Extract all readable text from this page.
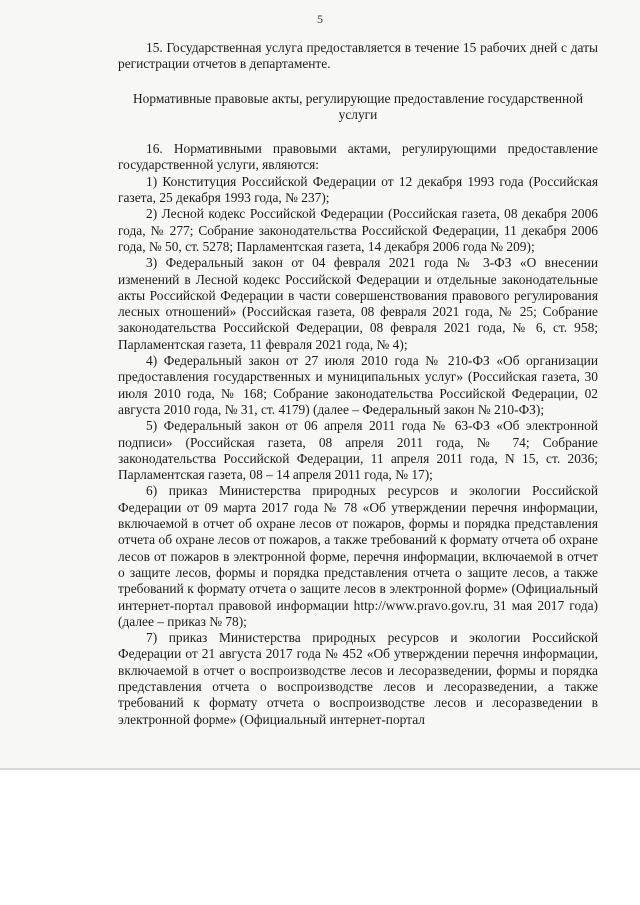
5

15. Государственная услуга предоставляется в течение 15 рабочих дней с даты регистрации отчетов в департаменте.

Нормативные правовые акты, регулирующие предоставление государственной услуги

16. Нормативными правовыми актами, регулирующими предоставление государственной услуги, являются:

1) Конституция Российской Федерации от 12 декабря 1993 года (Российская газета, 25 декабря 1993 года, № 237);

2) Лесной кодекс Российской Федерации (Российская газета, 08 декабря 2006 года, № 277; Собрание законодательства Российской Федерации, 11 декабря 2006 года, № 50, ст. 5278; Парламентская газета, 14 декабря 2006 года № 209);

3) Федеральный закон от 04 февраля 2021 года № 3-ФЗ «О внесении изменений в Лесной кодекс Российской Федерации и отдельные законодательные акты Российской Федерации в части совершенствования правового регулирования лесных отношений» (Российская газета, 08 февраля 2021 года, № 25; Собрание законодательства Российской Федерации, 08 февраля 2021 года, № 6, ст. 958; Парламентская газета, 11 февраля 2021 года, № 4);

4) Федеральный закон от 27 июля 2010 года № 210-ФЗ «Об организации предоставления государственных и муниципальных услуг» (Российская газета, 30 июля 2010 года, № 168; Собрание законодательства Российской Федерации, 02 августа 2010 года, № 31, ст. 4179) (далее – Федеральный закон № 210-ФЗ);

5) Федеральный закон от 06 апреля 2011 года № 63-ФЗ «Об электронной подписи» (Российская газета, 08 апреля 2011 года, № 74; Собрание законодательства Российской Федерации, 11 апреля 2011 года, N 15, ст. 2036; Парламентская газета, 08 – 14 апреля 2011 года, № 17);

6) приказ Министерства природных ресурсов и экологии Российской Федерации от 09 марта 2017 года № 78 «Об утверждении перечня информации, включаемой в отчет об охране лесов от пожаров, формы и порядка представления отчета об охране лесов от пожаров, а также требований к формату отчета об охране лесов от пожаров в электронной форме, перечня информации, включаемой в отчет о защите лесов, формы и порядка представления отчета о защите лесов, а также требований к формату отчета о защите лесов в электронной форме» (Официальный интернет-портал правовой информации http://www.pravo.gov.ru, 31 мая 2017 года) (далее – приказ № 78);

7) приказ Министерства природных ресурсов и экологии Российской Федерации от 21 августа 2017 года № 452 «Об утверждении перечня информации, включаемой в отчет о воспроизводстве лесов и лесоразведении, формы и порядка представления отчета о воспроизводстве лесов и лесоразведении, а также требований к формату отчета о воспроизводстве лесов и лесоразведении в электронной форме» (Официальный интернет-портал
